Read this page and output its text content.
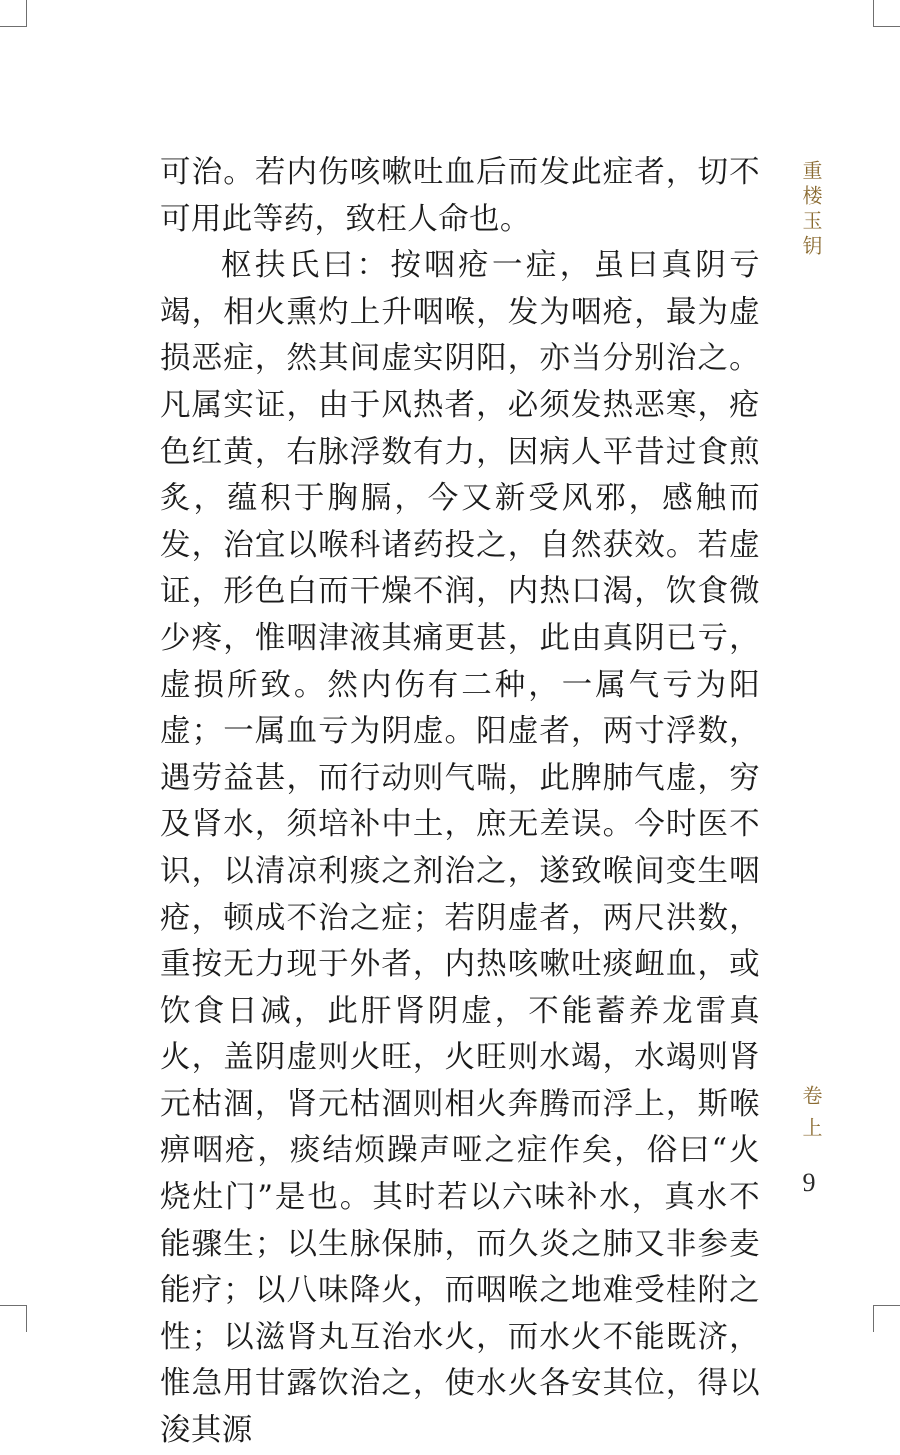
可治。若内伤咳嗽吐血后而发此症者，切不可用此等药，致枉人命也。

枢扶氏曰：按咽疮一症，虽曰真阴亏竭，相火熏灼上升咽喉，发为咽疮，最为虚损恶症，然其间虚实阴阳，亦当分别治之。凡属实证，由于风热者，必须发热恶寒，疮色红黄，右脉浮数有力，因病人平昔过食煎炙，蕴积于胸膈，今又新受风邪，感触而发，治宜以喉科诸药投之，自然获效。若虚证，形色白而干燥不润，内热口渴，饮食微少疼，惟咽津液其痛更甚，此由真阴已亏，虚损所致。然内伤有二种，一属气亏为阳虚；一属血亏为阴虚。阳虚者，两寸浮数，遇劳益甚，而行动则气喘，此脾肺气虚，穷及肾水，须培补中土，庶无差误。今时医不识，以清凉利痰之剂治之，遂致喉间变生咽疮，顿成不治之症；若阴虚者，两尺洪数，重按无力现于外者，内热咳嗽吐痰衄血，或饮食日减，此肝肾阴虚，不能蓄养龙雷真火，盖阴虚则火旺，火旺则水竭，水竭则肾元枯涸，肾元枯涸则相火奔腾而浮上，斯喉痹咽疮，痰结烦躁声哑之症作矣，俗曰“火烧灶门”是也。其时若以六味补水，真水不能骤生；以生脉保肺，而久炎之肺又非参麦能疗；以八味降火，而咽喉之地难受桂附之性；以滋肾丸互治水火，而水火不能既济，惟急用甘露饮治之，使水火各安其位，得以浚其源

重楼玉钥
卷上
9
